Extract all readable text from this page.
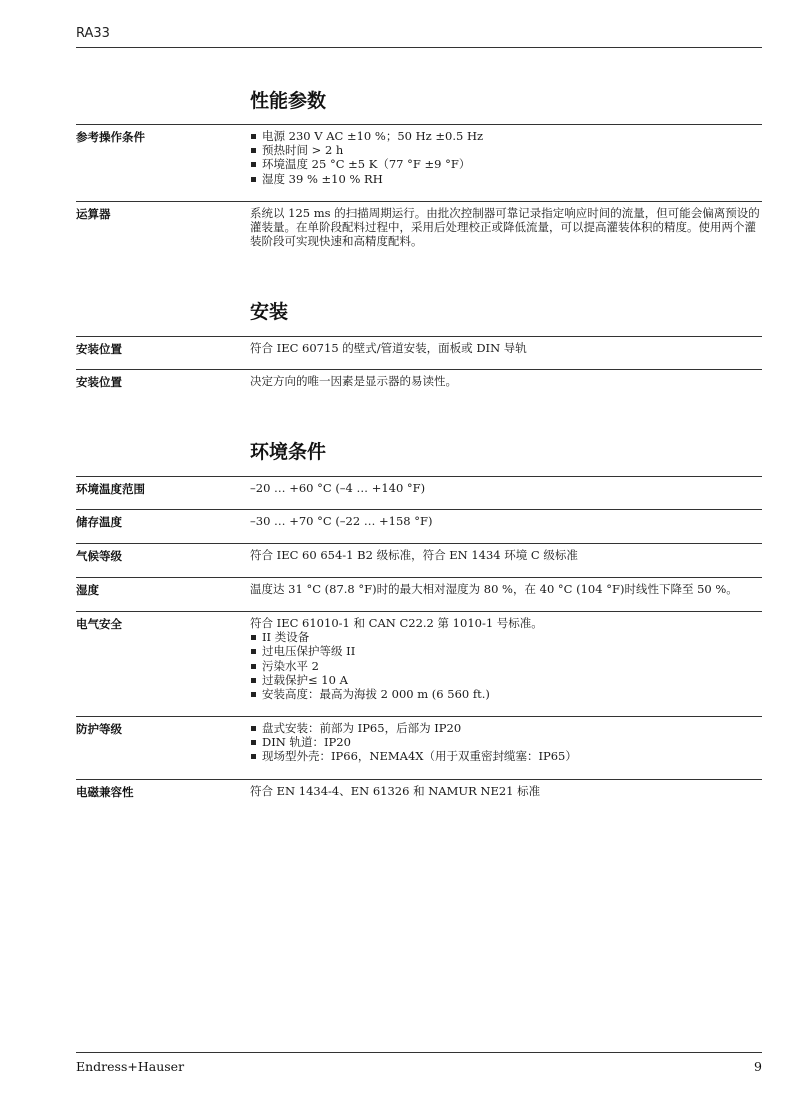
RA33
性能参数
参考操作条件	电源 230 V AC ±10 %；50 Hz ±0.5 Hz
预热时间 > 2 h
环境温度 25 °C ±5 K（77 °F ±9 °F）
湿度 39 % ±10 % RH
运算器	系统以 125 ms 的扫描周期运行。由批次控制器可靠记录指定响应时间的流量，但可能会偏离预设的灌装量。在单阶段配料过程中，采用后处理校正或降低流量，可以提高灌装体积的精度。使用两个灌装阶段可实现快速和高精度配料。

安装
安装位置	符合 IEC 60715 的壁式/管道安装，面板或 DIN 导轨

安装位置	决定方向的唯一因素是显示器的易读性。

环境条件
环境温度范围	–20 … +60 °C (–4 … +140 °F)

储存温度	–30 … +70 °C (–22 … +158 °F)

气候等级	符合 IEC 60 654-1 B2 级标准，符合 EN 1434 环境 C 级标准

湿度	温度达 31 °C (87.8 °F)时的最大相对湿度为 80 %，在 40 °C (104 °F)时线性下降至 50 %。

电气安全	符合 IEC 61010-1 和 CAN C22.2 第 1010-1 号标准。

II 类设备
过电压保护等级 II
污染水平 2
过载保护≤ 10 A
安装高度：最高为海拔 2 000 m (6 560 ft.)
防护等级	盘式安装：前部为 IP65，后部为 IP20
DIN 轨道：IP20
现场型外壳：IP66，NEMA4X（用于双重密封缆塞：IP65）
电磁兼容性	符合 EN 1434-4、EN 61326 和 NAMUR NE21 标准

Endress+Hauser	9
